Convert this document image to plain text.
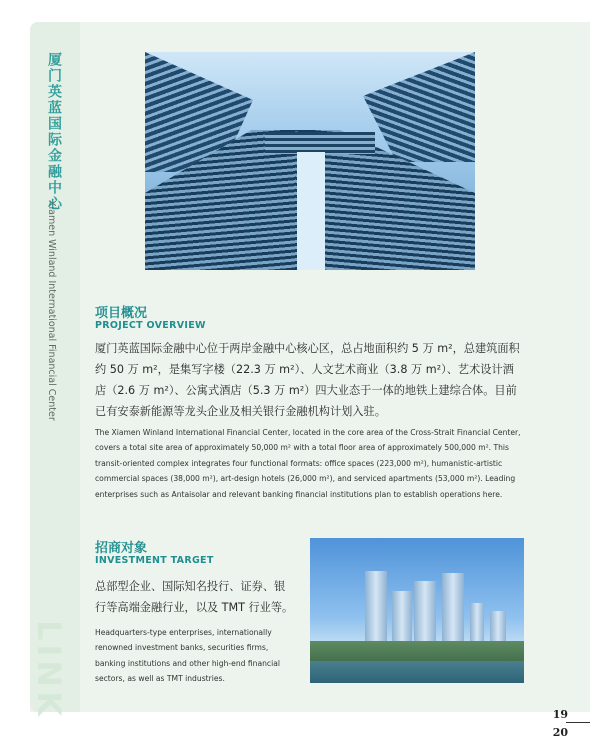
厦门英蓝国际金融中心
Xiamen Winland International Financial Center
LINK
项目概况
PROJECT OVERVIEW
厦门英蓝国际金融中心位于两岸金融中心核心区，总占地面积约 5 万 m²，总建筑面积约 50 万 m²，是集写字楼（22.3 万 m²）、人文艺术商业（3.8 万 m²）、艺术设计酒店（2.6 万 m²）、公寓式酒店（5.3 万 m²）四大业态于一体的地铁上建综合体。目前已有安泰新能源等龙头企业及相关银行金融机构计划入驻。
The Xiamen Winland International Financial Center, located in the core area of the Cross-Strait Financial Center, covers a total site area of approximately 50,000 m² with a total floor area of approximately 500,000 m². This transit-oriented complex integrates four functional formats: office spaces (223,000 m²), humanistic-artistic commercial spaces (38,000 m²), art-design hotels (26,000 m²), and serviced apartments (53,000 m²). Leading enterprises such as Antaisolar and relevant banking financial institutions plan to establish operations here.
招商对象
INVESTMENT TARGET
总部型企业、国际知名投行、证券、银行等高端金融行业，以及 TMT 行业等。
Headquarters-type enterprises, internationally renowned investment banks, securities firms, banking institutions and other high-end financial sectors, as well as TMT industries.
19
20
